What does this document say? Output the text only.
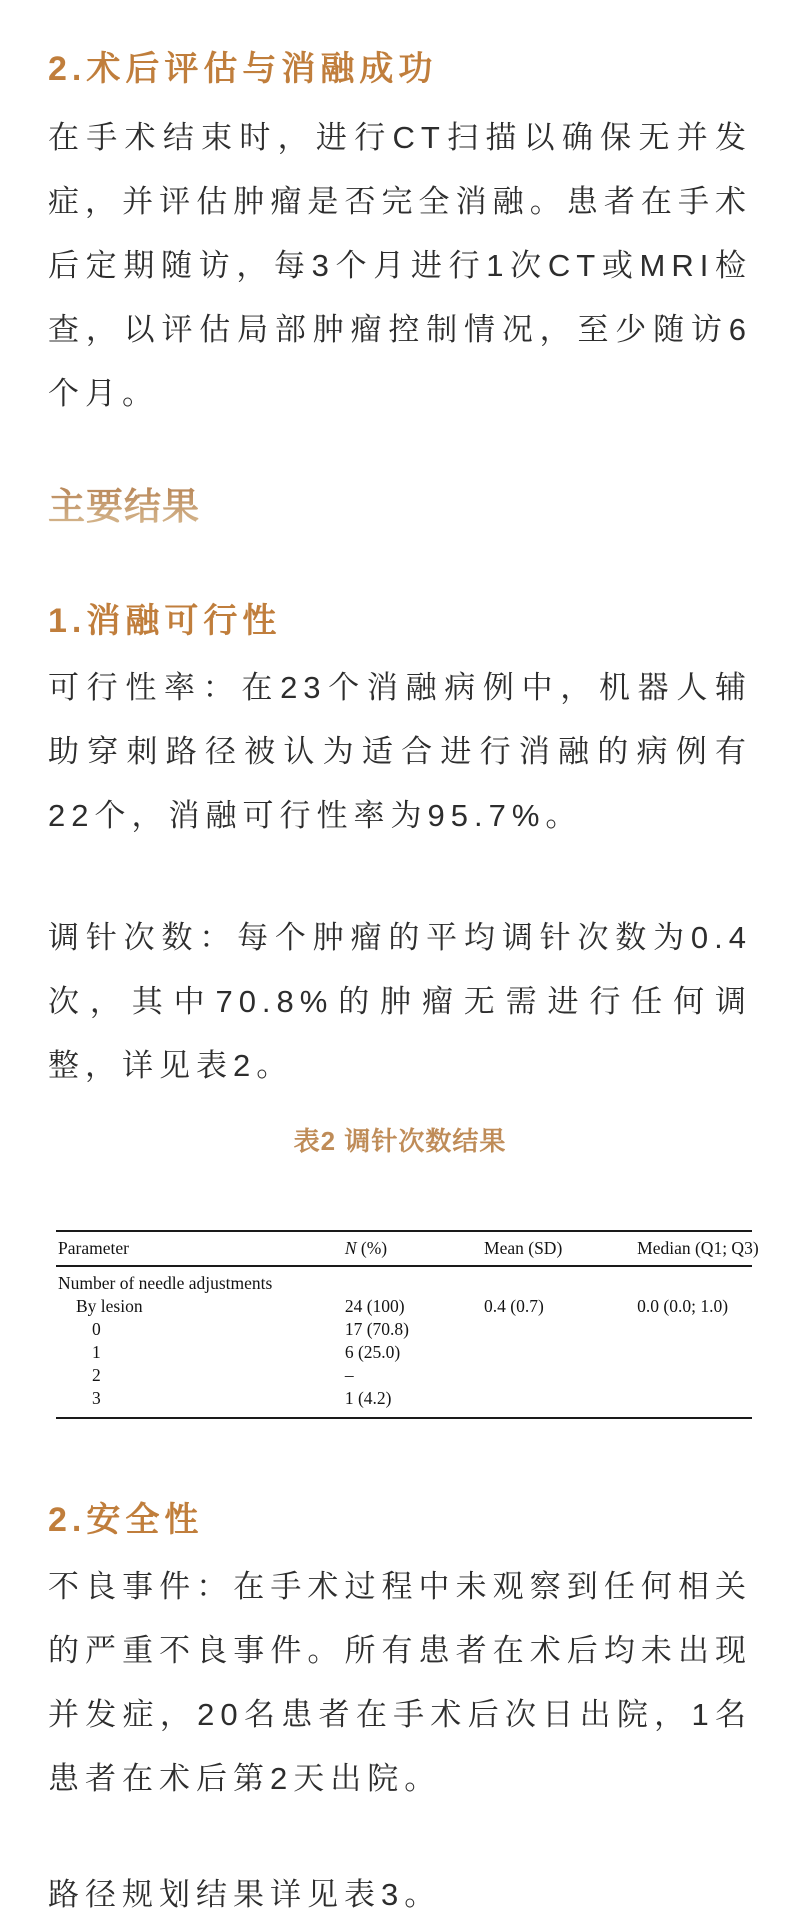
2.术后评估与消融成功

在手术结束时，进行CT扫描以确保无并发症，并评估肿瘤是否完全消融。患者在手术后定期随访，每3个月进行1次CT或MRI检查，以评估局部肿瘤控制情况，至少随访6个月。

主要结果
1.消融可行性

可行性率：在23个消融病例中，机器人辅助穿刺路径被认为适合进行消融的病例有22个，消融可行性率为95.7%。

调针次数：每个肿瘤的平均调针次数为0.4次，其中70.8%的肿瘤无需进行任何调整，详见表2。

表2 调针次数结果
Parameter	N (%)	Mean (SD)	Median (Q1; Q3)
Number of needle adjustments			
By lesion	24 (100)	0.4 (0.7)	0.0 (0.0; 1.0)
0	17 (70.8)		
1	6 (25.0)		
2	–		
3	1 (4.2)		
2.安全性

不良事件：在手术过程中未观察到任何相关的严重不良事件。所有患者在术后均未出现并发症，20名患者在手术后次日出院，1名患者在术后第2天出院。

路径规划结果详见表3。
